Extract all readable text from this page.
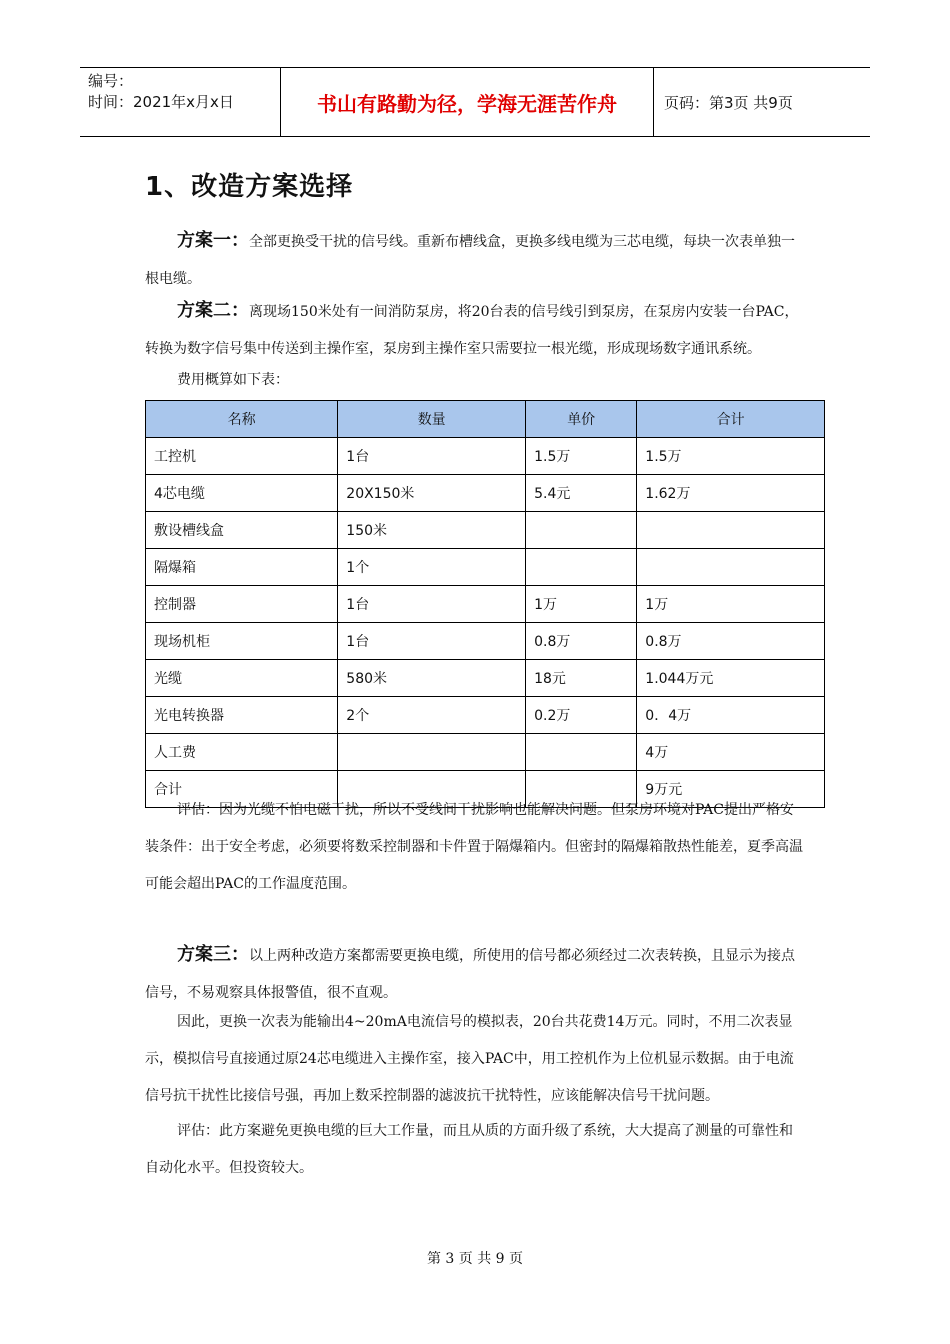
编号：
时间：2021年x月x日	书山有路勤为径，学海无涯苦作舟	页码：第3页 共9页
1、改造方案选择
方案一：全部更换受干扰的信号线。重新布槽线盒，更换多线电缆为三芯电缆，每块一次表单独一根电缆。
方案二：离现场150米处有一间消防泵房，将20台表的信号线引到泵房，在泵房内安装一台PAC，转换为数字信号集中传送到主操作室，泵房到主操作室只需要拉一根光缆，形成现场数字通讯系统。
费用概算如下表：
名称	数量	单价	合计
工控机	1台	1.5万	1.5万
4芯电缆	20X150米	5.4元	1.62万
敷设槽线盒	150米		
隔爆箱	1个		
控制器	1台	1万	1万
现场机柜	1台	0.8万	0.8万
光缆	580米	18元	1.044万元
光电转换器	2个	0.2万	0．4万
人工费			4万
合计			9万元
评估：因为光缆不怕电磁干扰，所以不受线间干扰影响也能解决问题。但泵房环境对PAC提出严格安装条件：出于安全考虑，必须要将数采控制器和卡件置于隔爆箱内。但密封的隔爆箱散热性能差，夏季高温可能会超出PAC的工作温度范围。
方案三：以上两种改造方案都需要更换电缆，所使用的信号都必须经过二次表转换，且显示为接点信号，不易观察具体报警值，很不直观。
因此，更换一次表为能输出4~20mA电流信号的模拟表，20台共花费14万元。同时，不用二次表显示，模拟信号直接通过原24芯电缆进入主操作室，接入PAC中，用工控机作为上位机显示数据。由于电流信号抗干扰性比接信号强，再加上数采控制器的滤波抗干扰特性，应该能解决信号干扰问题。
评估：此方案避免更换电缆的巨大工作量，而且从质的方面升级了系统，大大提高了测量的可靠性和自动化水平。但投资较大。
第 3 页 共 9 页
